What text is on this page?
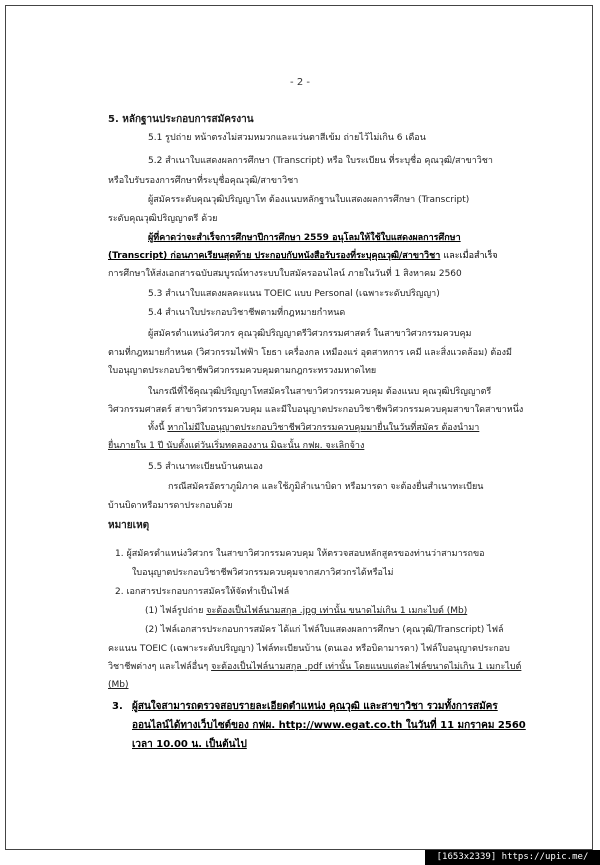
- 2 -
5. หลักฐานประกอบการสมัครงาน
5.1 รูปถ่าย หน้าตรงไม่สวมหมวกและแว่นตาสีเข้ม ถ่ายไว้ไม่เกิน 6 เดือน
5.2 สำเนาใบแสดงผลการศึกษา (Transcript) หรือ ใบระเบียน ที่ระบุชื่อ คุณวุฒิ/สาขาวิชา
หรือใบรับรองการศึกษาที่ระบุชื่อคุณวุฒิ/สาขาวิชา
ผู้สมัครระดับคุณวุฒิปริญญาโท ต้องแนบหลักฐานใบแสดงผลการศึกษา (Transcript)
ระดับคุณวุฒิปริญญาตรี ด้วย
ผู้ที่คาดว่าจะสำเร็จการศึกษาปีการศึกษา 2559 อนุโลมให้ใช้ใบแสดงผลการศึกษา
(Transcript) ก่อนภาคเรียนสุดท้าย ประกอบกับหนังสือรับรองที่ระบุคุณวุฒิ/สาขาวิชา และเมื่อสำเร็จ
การศึกษาให้ส่งเอกสารฉบับสมบูรณ์ทางระบบใบสมัครออนไลน์ ภายในวันที่ 1 สิงหาคม 2560
5.3 สำเนาใบแสดงผลคะแนน TOEIC แบบ Personal (เฉพาะระดับปริญญา)
5.4 สำเนาใบประกอบวิชาชีพตามที่กฎหมายกำหนด
ผู้สมัครตำแหน่งวิศวกร คุณวุฒิปริญญาตรีวิศวกรรมศาสตร์ ในสาขาวิศวกรรมควบคุม
ตามที่กฎหมายกำหนด (วิศวกรรมไฟฟ้า โยธา เครื่องกล เหมืองแร่ อุตสาหการ เคมี และสิ่งแวดล้อม) ต้องมี
ใบอนุญาตประกอบวิชาชีพวิศวกรรมควบคุมตามกฎกระทรวงมหาดไทย
ในกรณีที่ใช้คุณวุฒิปริญญาโทสมัครในสาขาวิศวกรรมควบคุม ต้องแนบ คุณวุฒิปริญญาตรี
วิศวกรรมศาสตร์ สาขาวิศวกรรมควบคุม และมีใบอนุญาตประกอบวิชาชีพวิศวกรรมควบคุมสาขาใดสาขาหนึ่ง
ทั้งนี้ หากไม่มีใบอนุญาตประกอบวิชาชีพวิศวกรรมควบคุมมายื่นในวันที่สมัคร ต้องนำมา
ยื่นภายใน 1 ปี นับตั้งแต่วันเริ่มทดลองงาน มิฉะนั้น กฟผ. จะเลิกจ้าง
5.5 สำเนาทะเบียนบ้านตนเอง
กรณีสมัครอัตราภูมิภาค และใช้ภูมิลำเนาบิดา หรือมารดา จะต้องยื่นสำเนาทะเบียน
บ้านบิดาหรือมารดาประกอบด้วย
หมายเหตุ
1. ผู้สมัครตำแหน่งวิศวกร ในสาขาวิศวกรรมควบคุม ให้ตรวจสอบหลักสูตรของท่านว่าสามารถขอ
ใบอนุญาตประกอบวิชาชีพวิศวกรรมควบคุมจากสภาวิศวกรได้หรือไม่
2. เอกสารประกอบการสมัครให้จัดทำเป็นไฟล์
(1) ไฟล์รูปถ่าย จะต้องเป็นไฟล์นามสกุล .jpg เท่านั้น ขนาดไม่เกิน 1 เมกะไบต์ (Mb)
(2) ไฟล์เอกสารประกอบการสมัคร ได้แก่ ไฟล์ใบแสดงผลการศึกษา (คุณวุฒิ/Transcript) ไฟล์
คะแนน TOEIC (เฉพาะระดับปริญญา) ไฟล์ทะเบียนบ้าน (ตนเอง หรือบิดามารดา) ไฟล์ใบอนุญาตประกอบ
วิชาชีพต่างๆ และไฟล์อื่นๆ จะต้องเป็นไฟล์นามสกุล .pdf เท่านั้น โดยแนบแต่ละไฟล์ขนาดไม่เกิน 1 เมกะไบต์
(Mb)
3. ผู้สนใจสามารถตรวจสอบรายละเอียดตำแหน่ง คุณวุฒิ และสาขาวิชา รวมทั้งการสมัคร
ออนไลน์ได้ทางเว็บไซต์ของ กฟผ. http://www.egat.co.th ในวันที่ 11 มกราคม 2560
เวลา 10.00 น. เป็นต้นไป
[1653x2339] https://upic.me/
